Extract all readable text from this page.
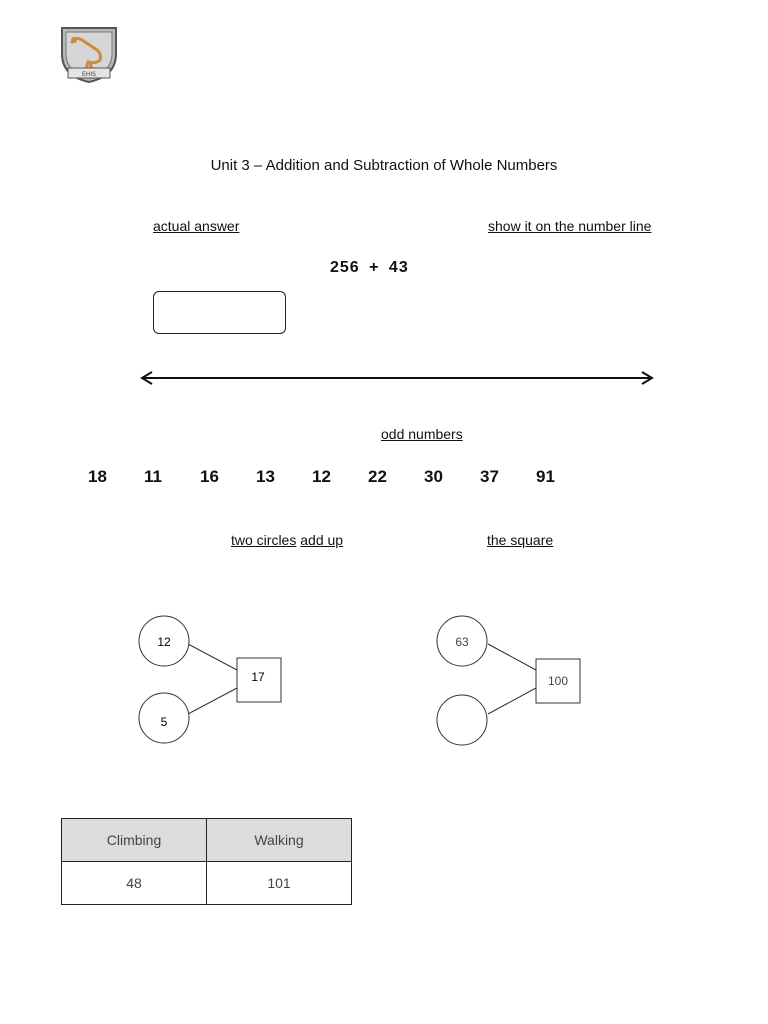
EHIS
Unit 3 – Addition and Subtraction of Whole Numbers
actual answer	show it on the number line
256 + 43
odd numbers
18	11	16	13	12	22	30	37	91
two circles add up	the square
12
5
17
63
100
Climbing	Walking
48	101
